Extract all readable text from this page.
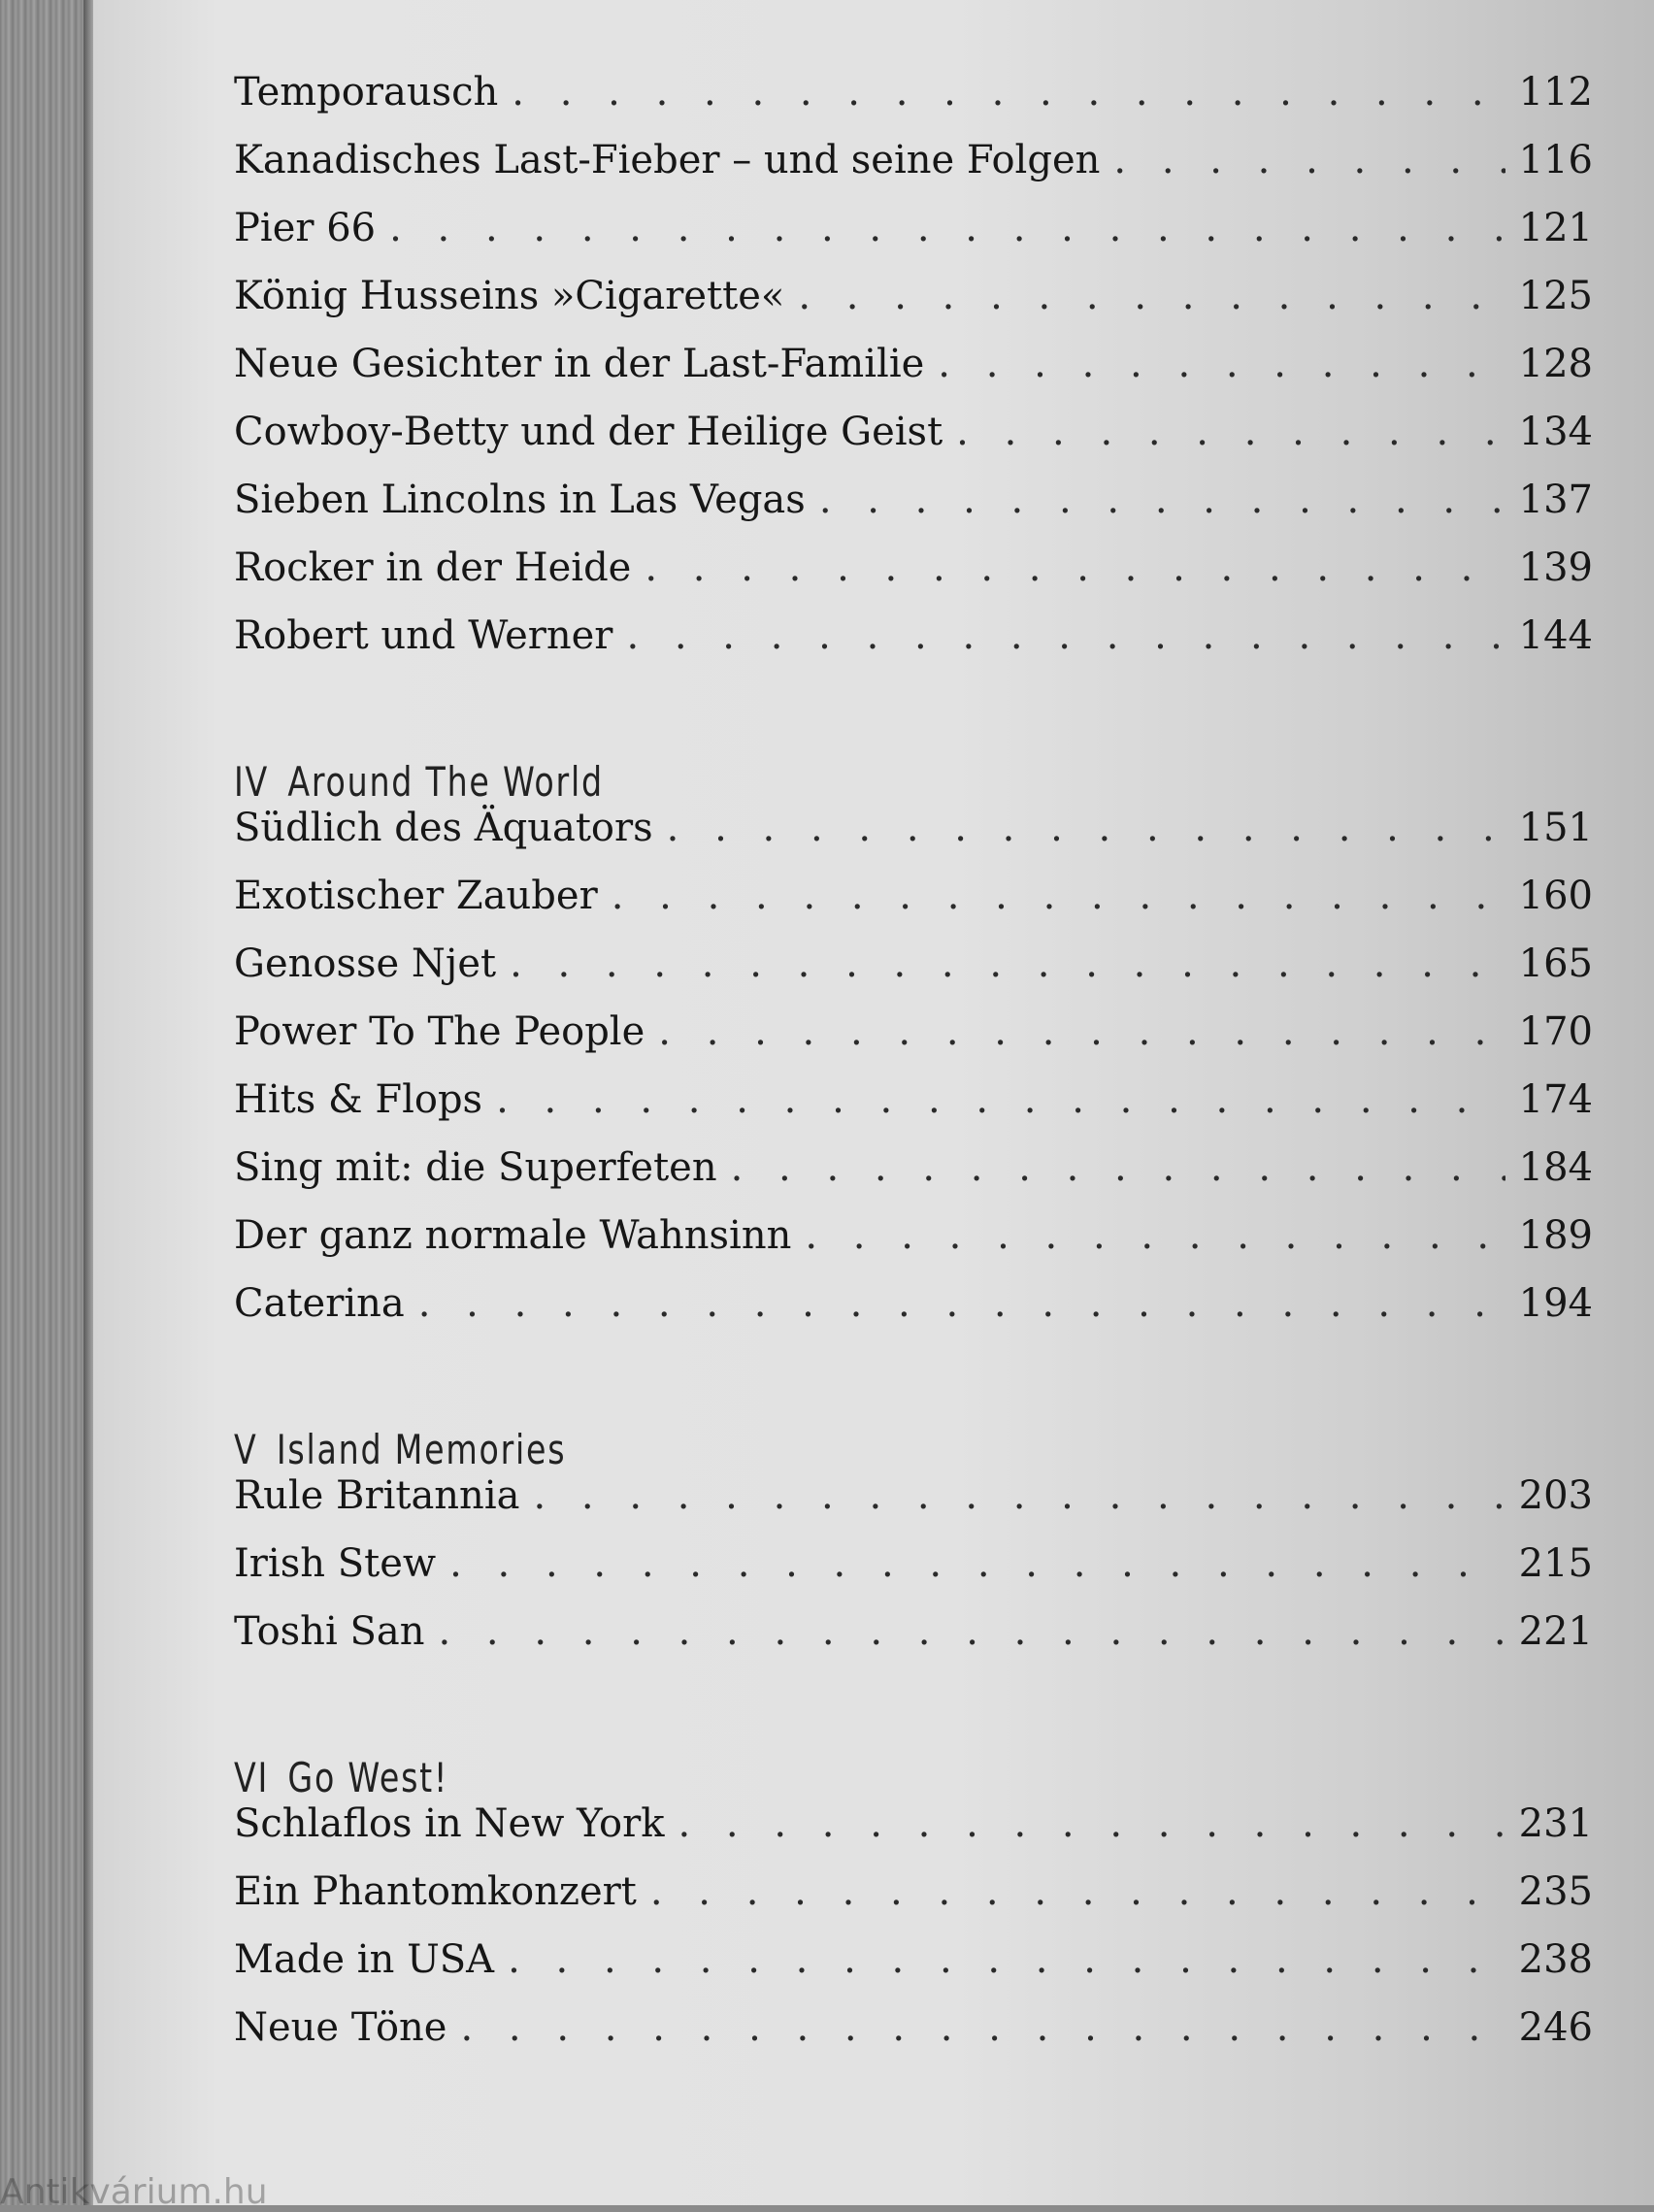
Temporausch . . .	112
Kanadisches Last-Fieber – und seine Folgen . . .	116
Pier 66 . . .	121
König Husseins »Cigarette« . . .	125
Neue Gesichter in der Last-Familie . . .	128
Cowboy-Betty und der Heilige Geist . . .	134
Sieben Lincolns in Las Vegas . . .	137
Rocker in der Heide . . .	139
Robert und Werner . . .	144
IV Around The World
Südlich des Äquators . . .	151
Exotischer Zauber . . .	160
Genosse Njet . . .	165
Power To The People . . .	170
Hits & Flops . . .	174
Sing mit: die Superfeten . . .	184
Der ganz normale Wahnsinn . . .	189
Caterina . . .	194
V Island Memories
Rule Britannia . . .	203
Irish Stew . . .	215
Toshi San . . .	221
VI Go West!
Schlaflos in New York . . .	231
Ein Phantomkonzert . . .	235
Made in USA . . .	238
Neue Töne . . .	246
Antikvárium.hu
